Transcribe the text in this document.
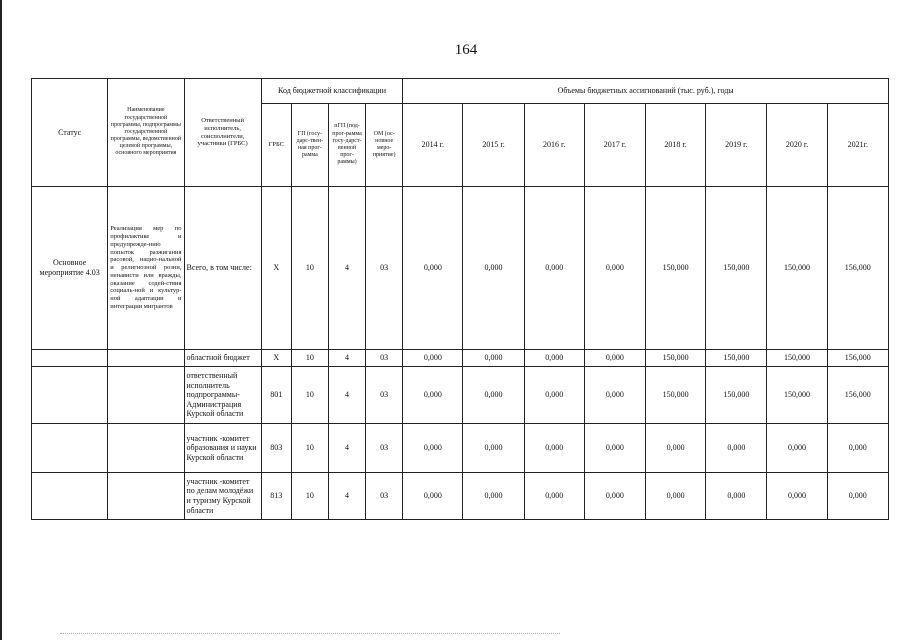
164
Статус	Наименование государственной программы, подпрограммы государственной программы, ведомственной целевой программы, основного мероприятия	Ответственный исполнитель, соисполнители, участники (ГРБС)	Код бюджетной классификации				Объемы бюджетных ассигнований (тыс. руб.), годы							
			ГРБС	ГП (госу-дарс-твен-ная прог-рамма	пГП (под-прог-рамма госу-дарст-венной прог-раммы)	ОМ (ос-новное меро-приятие)	2014 г.	2015 г.	2016 г.	2017 г.	2018 г.	2019 г.	2020 г.	2021г.
Основное мероприятие 4.03	Реализация мер по профилактике и предупрежде-нию попыток разжигания расовой, нацио-нальной и религиозной розни, ненависти или вражды, оказание содей-ствия социаль-ной и культур-ной адаптации и интеграции мигрантов	Всего, в том числе:	Х	10	4	03	0,000	0,000	0,000	0,000	150,000	150,000	150,000	156,000
		областной бюджет	Х	10	4	03	0,000	0,000	0,000	0,000	150,000	150,000	150,000	156,000
		ответственный исполнитель подпрограммы-Администрация Курской области	801	10	4	03	0,000	0,000	0,000	0,000	150,000	150,000	150,000	156,000
		участник -комитет образования и науки Курской области	803	10	4	03	0,000	0,000	0,000	0,000	0,000	0,000	0,000	0,000
		участник -комитет по делам молодёжи и туризму Курской области	813	10	4	03	0,000	0,000	0,000	0,000	0,000	0,000	0,000	0,000
